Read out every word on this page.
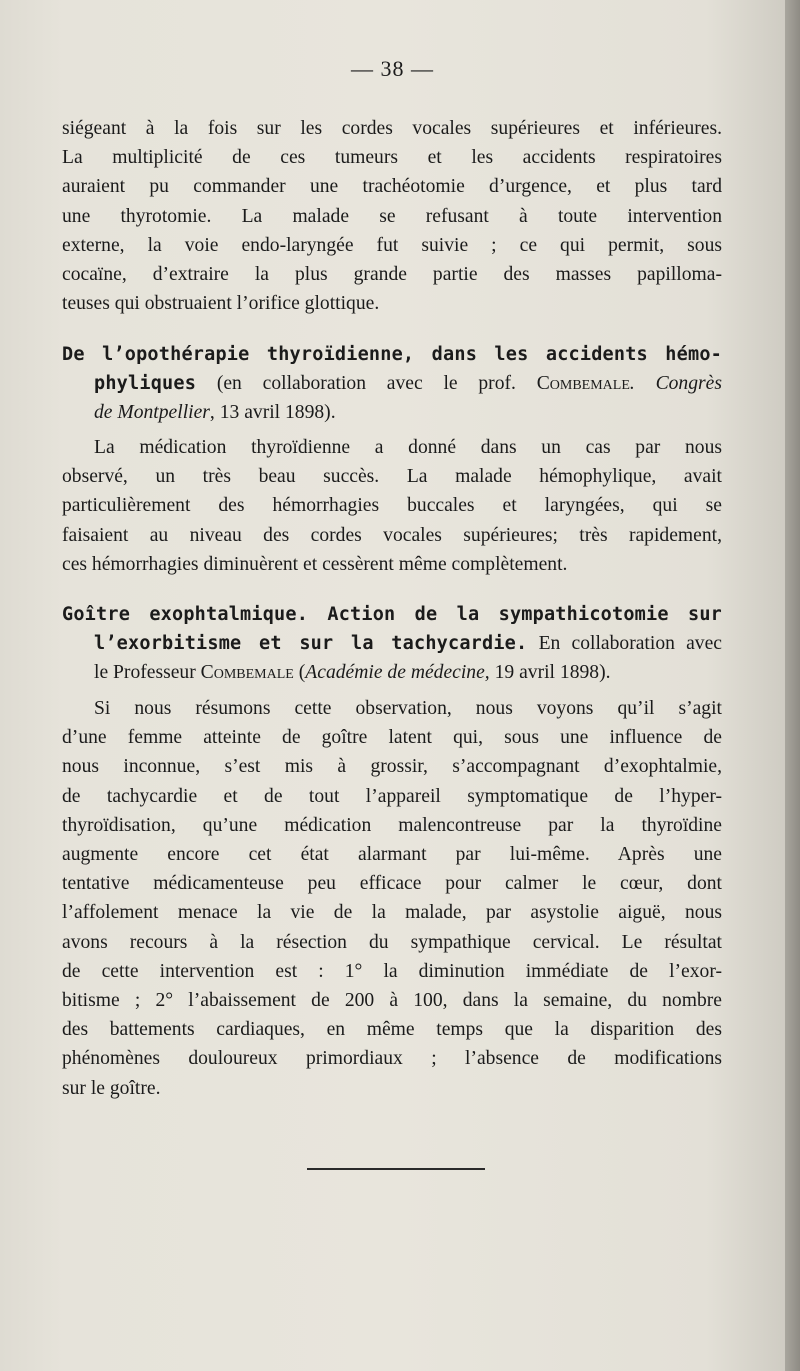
— 38 —
siégeant à la fois sur les cordes vocales supérieures et inférieures.
La multiplicité de ces tumeurs et les accidents respiratoires
auraient pu commander une trachéotomie d’urgence, et plus tard
une thyrotomie. La malade se refusant à toute intervention
externe, la voie endo-laryngée fut suivie ; ce qui permit, sous
cocaïne, d’extraire la plus grande partie des masses papilloma-
teuses qui obstruaient l’orifice glottique.
De l’opothérapie thyroïdienne, dans les accidents hémo-
phyliques (en collaboration avec le prof. Combemale. Congrès
de Montpellier, 13 avril 1898).
La médication thyroïdienne a donné dans un cas par nous
observé, un très beau succès. La malade hémophylique, avait
particulièrement des hémorrhagies buccales et laryngées, qui se
faisaient au niveau des cordes vocales supérieures; très rapidement,
ces hémorrhagies diminuèrent et cessèrent même complètement.
Goître exophtalmique. Action de la sympathicotomie sur
l’exorbitisme et sur la tachycardie. En collaboration avec
le Professeur Combemale (Académie de médecine, 19 avril 1898).
Si nous résumons cette observation, nous voyons qu’il s’agit
d’une femme atteinte de goître latent qui, sous une influence de
nous inconnue, s’est mis à grossir, s’accompagnant d’exophtalmie,
de tachycardie et de tout l’appareil symptomatique de l’hyper-
thyroïdisation, qu’une médication malencontreuse par la thyroïdine
augmente encore cet état alarmant par lui-même. Après une
tentative médicamenteuse peu efficace pour calmer le cœur, dont
l’affolement menace la vie de la malade, par asystolie aiguë, nous
avons recours à la résection du sympathique cervical. Le résultat
de cette intervention est : 1° la diminution immédiate de l’exor-
bitisme ; 2° l’abaissement de 200 à 100, dans la semaine, du nombre
des battements cardiaques, en même temps que la disparition des
phénomènes douloureux primordiaux ; l’absence de modifications
sur le goître.
